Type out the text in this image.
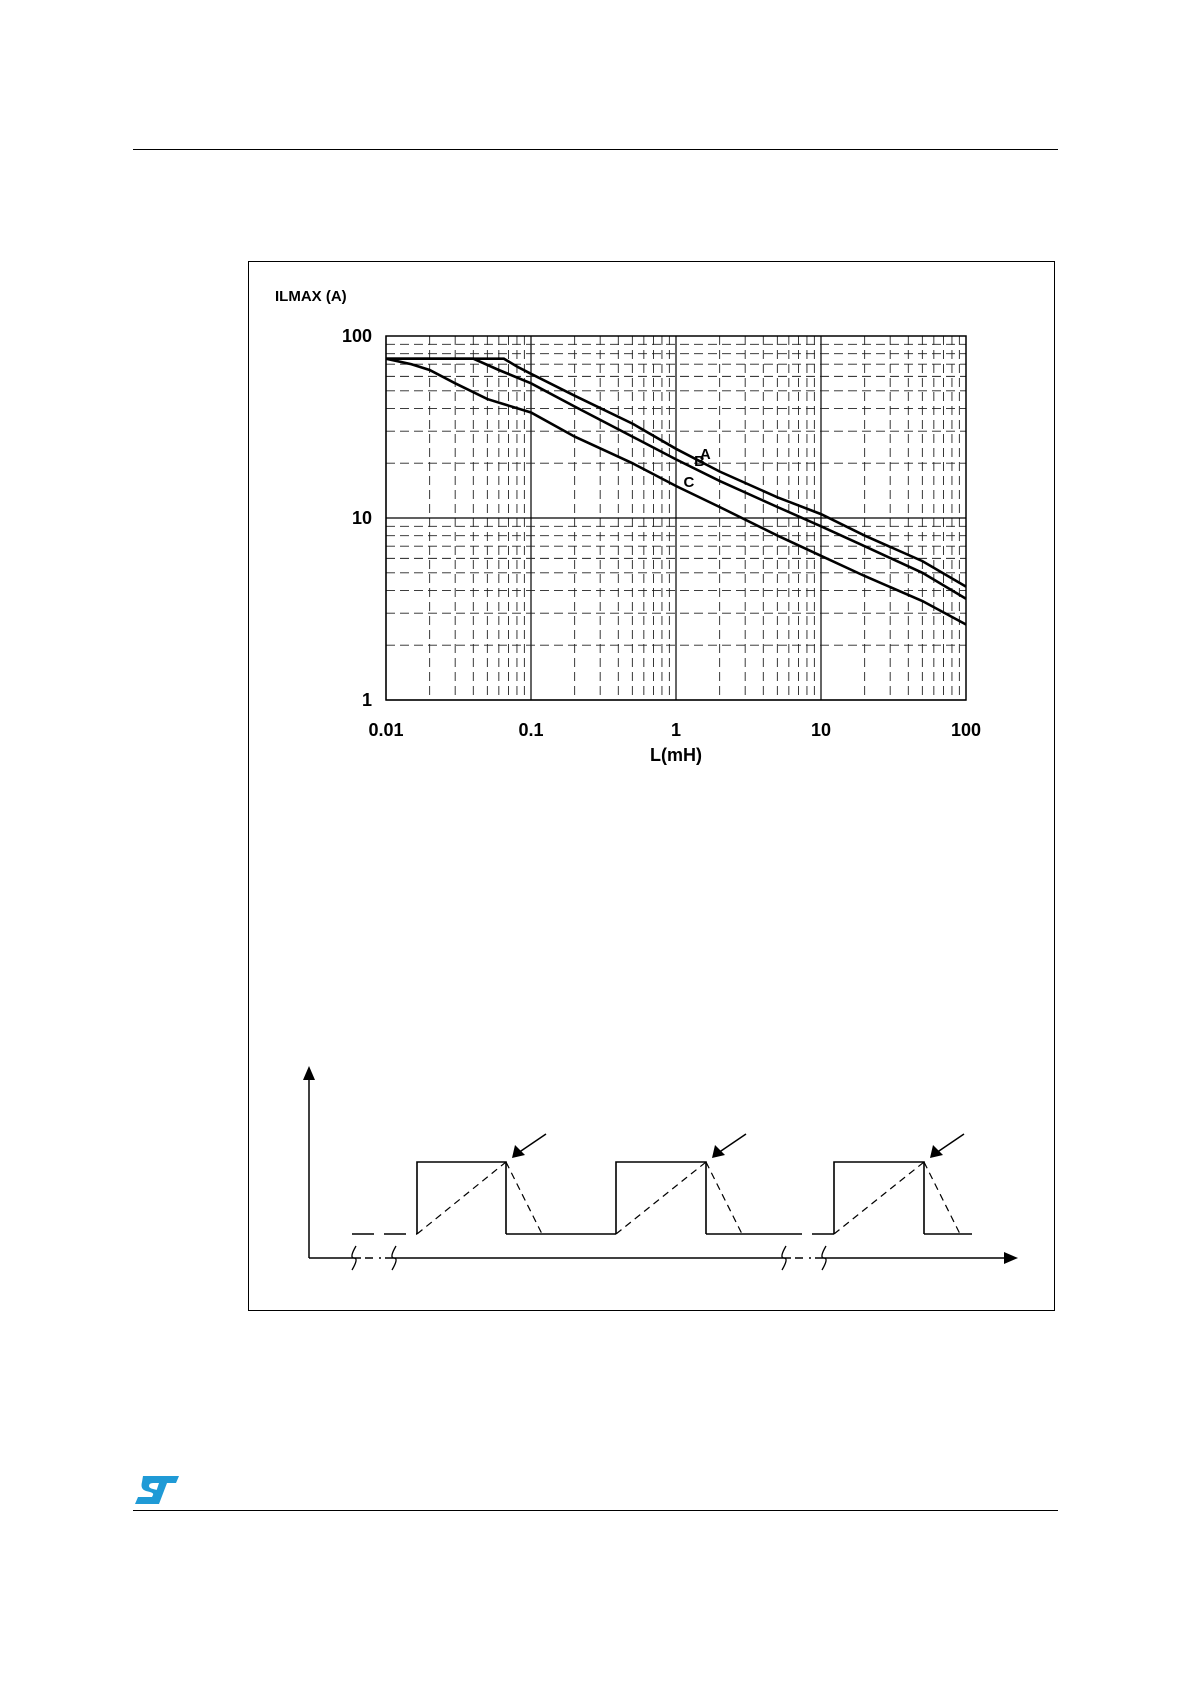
A
B
C
0.01	0.1	1	10	100
1
10
100
ILMAX (A)
L(mH)
